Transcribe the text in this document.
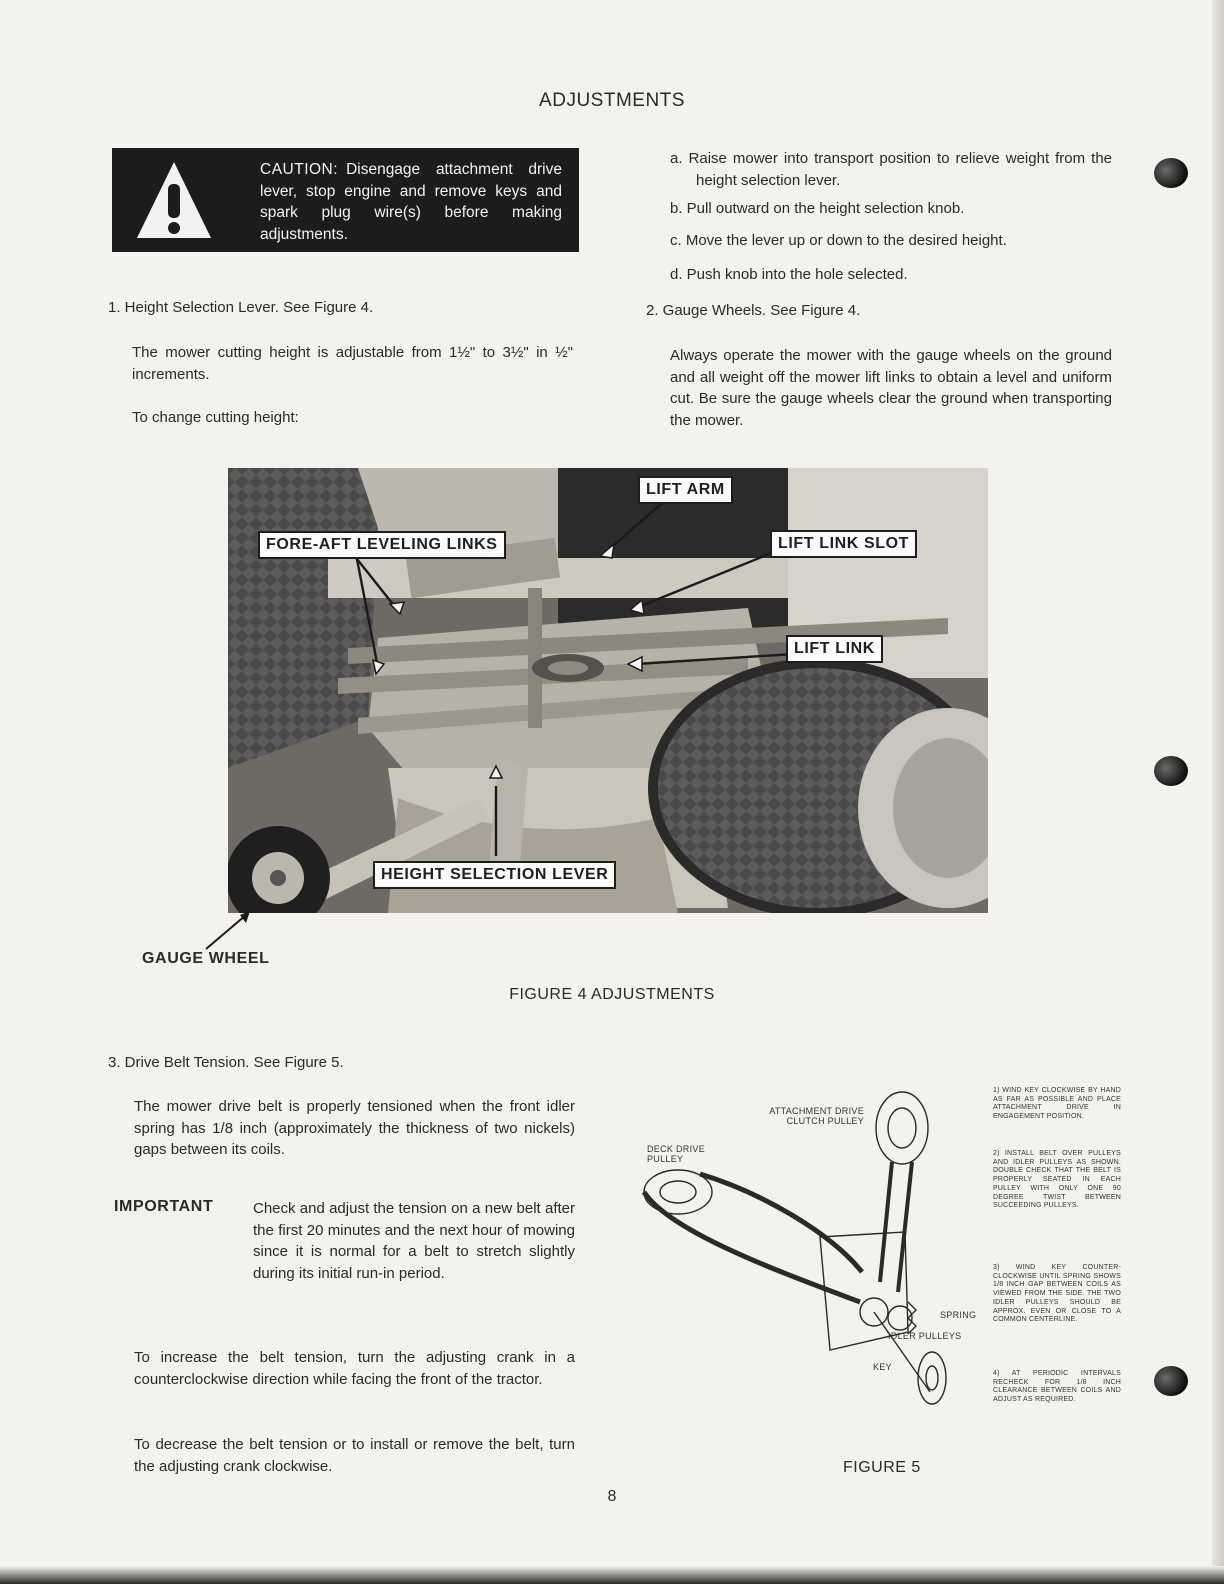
ADJUSTMENTS
CAUTION: Disengage attachment drive lever, stop engine and remove keys and spark plug wire(s) before making adjustments.
1. Height Selection Lever. See Figure 4.
The mower cutting height is adjustable from 1½" to 3½" in ½" increments.
To change cutting height:
a. Raise mower into transport position to relieve weight from the height selection lever.
b. Pull outward on the height selection knob.
c. Move the lever up or down to the desired height.
d. Push knob into the hole selected.
2. Gauge Wheels. See Figure 4.
Always operate the mower with the gauge wheels on the ground and all weight off the mower lift links to obtain a level and uniform cut. Be sure the gauge wheels clear the ground when transporting the mower.
LIFT ARM
FORE-AFT LEVELING LINKS	LIFT LINK SLOT
LIFT LINK
HEIGHT SELECTION LEVER
GAUGE WHEEL
FIGURE 4 ADJUSTMENTS
3. Drive Belt Tension. See Figure 5.
The mower drive belt is properly tensioned when the front idler spring has 1/8 inch (approximately the thickness of two nickels) gaps between its coils.
IMPORTANT	Check and adjust the tension on a new belt after the first 20 minutes and the next hour of mowing since it is normal for a belt to stretch slightly during its initial run-in period.
To increase the belt tension, turn the adjusting crank in a counterclockwise direction while facing the front of the tractor.
To decrease the belt tension or to install or remove the belt, turn the adjusting crank clockwise.
ATTACHMENT DRIVE CLUTCH PULLEY
DECK DRIVE PULLEY
SPRING
IDLER PULLEYS
KEY
1) WIND KEY CLOCKWISE BY HAND AS FAR AS POSSIBLE AND PLACE ATTACHMENT DRIVE IN ENGAGEMENT POSITION.
2) INSTALL BELT OVER PULLEYS AND IDLER PULLEYS AS SHOWN. DOUBLE CHECK THAT THE BELT IS PROPERLY SEATED IN EACH PULLEY WITH ONLY ONE 90 DEGREE TWIST BETWEEN SUCCEEDING PULLEYS.
3) WIND KEY COUNTER-CLOCKWISE UNTIL SPRING SHOWS 1/8 INCH GAP BETWEEN COILS AS VIEWED FROM THE SIDE. THE TWO IDLER PULLEYS SHOULD BE APPROX. EVEN OR CLOSE TO A COMMON CENTERLINE.
4) AT PERIODIC INTERVALS RECHECK FOR 1/8 INCH CLEARANCE BETWEEN COILS AND ADJUST AS REQUIRED.
FIGURE 5
8
